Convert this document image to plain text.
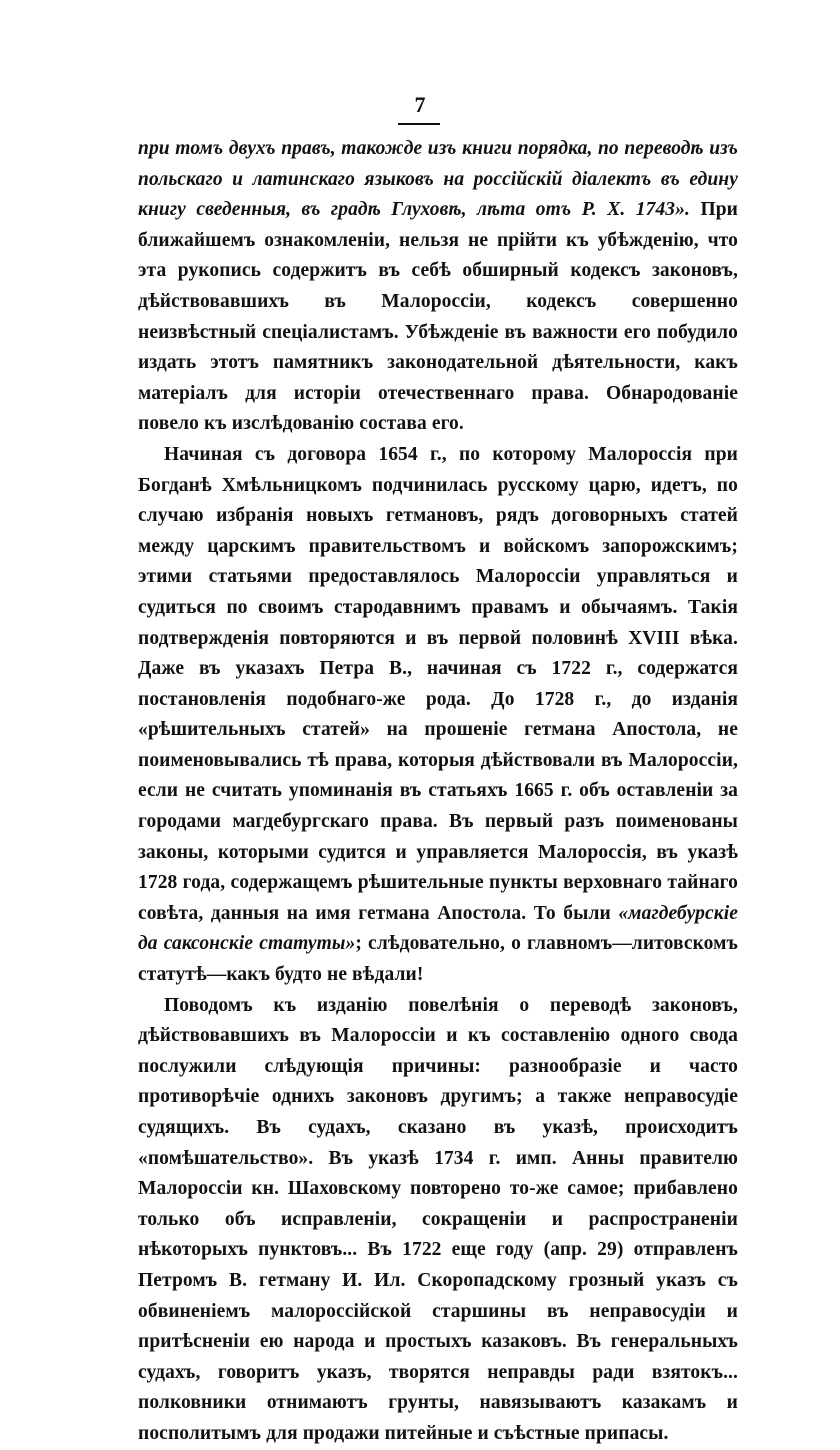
7

при томъ двухъ правъ, такожде изъ книги порядка, по переводѣ изъ польскаго и латинскаго языковъ на россійскій діалектъ въ едину книгу сведенныя, въ градѣ Глуховѣ, лѣта отъ Р. Х. 1743». При ближайшемъ ознакомленіи, нельзя не прійти къ убѣжденію, что эта рукопись содержитъ въ себѣ обширный кодексъ законовъ, дѣйствовавшихъ въ Малороссіи, кодексъ совершенно неизвѣстный спеціалистамъ. Убѣжденіе въ важности его побудило издать этотъ памятникъ законодательной дѣятельности, какъ матеріалъ для исторіи отечественнаго права. Обнародованіе повело къ изслѣдованію состава его.

Начиная съ договора 1654 г., по которому Малороссія при Богданѣ Хмѣльницкомъ подчинилась русскому царю, идетъ, по случаю избранія новыхъ гетмановъ, рядъ договорныхъ статей между царскимъ правительствомъ и войскомъ запорожскимъ; этими статьями предоставлялось Малороссіи управляться и судиться по своимъ стародавнимъ правамъ и обычаямъ. Такія подтвержденія повторяются и въ первой половинѣ XVIII вѣка. Даже въ указахъ Петра В., начиная съ 1722 г., содержатся постановленія подобнаго-же рода. До 1728 г., до изданія «рѣшительныхъ статей» на прошеніе гетмана Апостола, не поименовывались тѣ права, которыя дѣйствовали въ Малороссіи, если не считать упоминанія въ статьяхъ 1665 г. объ оставленіи за городами магдебургскаго права. Въ первый разъ поименованы законы, которыми судится и управляется Малороссія, въ указѣ 1728 года, содержащемъ рѣшительные пункты верховнаго тайнаго совѣта, данныя на имя гетмана Апостола. То были «магдебурскіе да саксонскіе статуты»; слѣдовательно, о главномъ—литовскомъ статутѣ—какъ будто не вѣдали!

Поводомъ къ изданію повелѣнія о переводѣ законовъ, дѣйствовавшихъ въ Малороссіи и къ составленію одного свода послужили слѣдующія причины: разнообразіе и часто противорѣчіе однихъ законовъ другимъ; а также неправосудіе судящихъ. Въ судахъ, сказано въ указѣ, происходитъ «помѣшательство». Въ указѣ 1734 г. имп. Анны правителю Малороссіи кн. Шаховскому повторено то-же самое; прибавлено только объ исправленіи, сокращеніи и распространеніи нѣкоторыхъ пунктовъ... Въ 1722 еще году (апр. 29) отправленъ Петромъ В. гетману И. Ил. Скоропадскому грозный указъ съ обвиненіемъ малороссійской старшины въ неправосудіи и притѣсненіи ею народа и простыхъ казаковъ. Въ генеральныхъ судахъ, говоритъ указъ, творятся неправды ради взятокъ... полковники отнимаютъ грунты, навязываютъ казакамъ и посполитымъ для продажи питейные и съѣстные припасы.
